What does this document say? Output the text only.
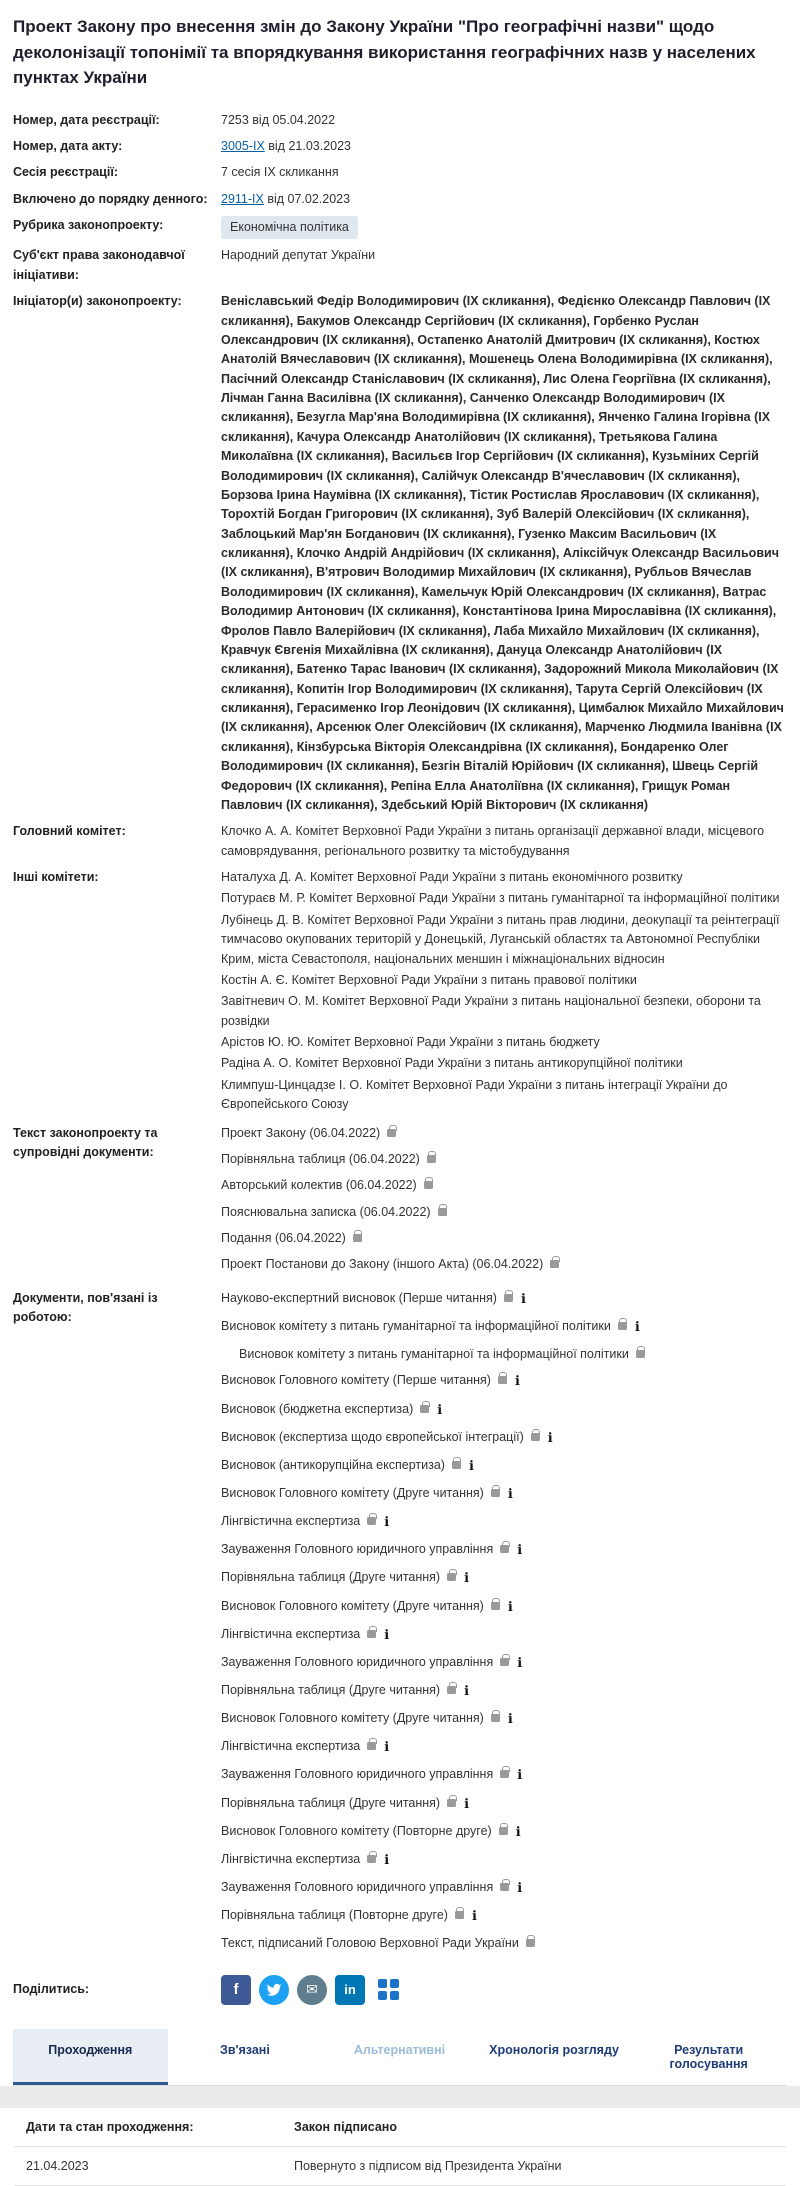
Проект Закону про внесення змін до Закону України "Про географічні назви" щодо деколонізації топонімії та впорядкування використання географічних назв у населених пунктах України
Номер, дата реєстрації:	7253 від 05.04.2022
Номер, дата акту:	3005-IX від 21.03.2023
Сесія реєстрації:	7 сесія IX скликання
Включено до порядку денного:	2911-IX від 07.02.2023
Рубрика законопроекту:	Економічна політика
Суб'єкт права законодавчої ініціативи:
Народний депутат України
Ініціатор(и) законопроекту:	Веніславський Федір Володимирович (ІХ скликання), Федієнко Олександр Павлович (ІХ скликання), Бакумов Олександр Сергійович (ІХ скликання), Горбенко Руслан Олександрович (ІХ скликання), Остапенко Анатолій Дмитрович (ІХ скликання), Костюх Анатолій Вячеславович (ІХ скликання), Мошенець Олена Володимирівна (ІХ скликання), Пасічний Олександр Станіславович (ІХ скликання), Лис Олена Георгіївна (ІХ скликання), Лічман Ганна Василівна (ІХ скликання), Санченко Олександр Володимирович (ІХ скликання), Безугла Мар'яна Володимирівна (ІХ скликання), Янченко Галина Ігорівна (ІХ скликання), Качура Олександр Анатолійович (ІХ скликання), Третьякова Галина Миколаївна (ІХ скликання), Васильєв Ігор Сергійович (ІХ скликання), Кузьміних Сергій Володимирович (ІХ скликання), Салійчук Олександр В'ячеславович (ІХ скликання), Борзова Ірина Наумівна (ІХ скликання), Тістик Ростислав Ярославович (ІХ скликання), Торохтій Богдан Григорович (ІХ скликання), Зуб Валерій Олексійович (ІХ скликання), Заблоцький Мар'ян Богданович (ІХ скликання), Гузенко Максим Васильович (ІХ скликання), Клочко Андрій Андрійович (ІХ скликання), Аліксійчук Олександр Васильович (ІХ скликання), В'ятрович Володимир Михайлович (ІХ скликання), Рубльов Вячеслав Володимирович (ІХ скликання), Камельчук Юрій Олександрович (ІХ скликання), Ватрас Володимир Антонович (ІХ скликання), Константінова Ірина Мирославівна (ІХ скликання), Фролов Павло Валерійович (ІХ скликання), Лаба Михайло Михайлович (ІХ скликання), Кравчук Євгенія Михайлівна (ІХ скликання), Дануца Олександр Анатолійович (ІХ скликання), Батенко Тарас Іванович (ІХ скликання), Задорожний Микола Миколайович (ІХ скликання), Копитін Ігор Володимирович (ІХ скликання), Тарута Сергій Олексійович (ІХ скликання), Герасименко Ігор Леонідович (ІХ скликання), Цимбалюк Михайло Михайлович (ІХ скликання), Арсенюк Олег Олексійович (ІХ скликання), Марченко Людмила Іванівна (ІХ скликання), Кінзбурська Вікторія Олександрівна (ІХ скликання), Бондаренко Олег Володимирович (ІХ скликання), Безгін Віталій Юрійович (ІХ скликання), Швець Сергій Федорович (ІХ скликання), Репіна Елла Анатоліївна (ІХ скликання), Грищук Роман Павлович (ІХ скликання), Здебський Юрій Вікторович (ІХ скликання)
Головний комітет:	Клочко А. А. Комітет Верховної Ради України з питань організації державної влади, місцевого самоврядування, регіонального розвитку та містобудування
Інші комітети:	Наталуха Д. А. Комітет Верховної Ради України з питань економічного розвитку
Потураєв М. Р. Комітет Верховної Ради України з питань гуманітарної та інформаційної політики
Лубінець Д. В. Комітет Верховної Ради України з питань прав людини, деокупації та реінтеграції тимчасово окупованих територій у Донецькій, Луганській областях та Автономної Республіки Крим, міста Севастополя, національних меншин і міжнаціональних відносин
Костін А. Є. Комітет Верховної Ради України з питань правової політики
Завітневич О. М. Комітет Верховної Ради України з питань національної безпеки, оборони та розвідки
Арістов Ю. Ю. Комітет Верховної Ради України з питань бюджету
Радіна А. О. Комітет Верховної Ради України з питань антикорупційної політики
Климпуш-Цинцадзе І. О. Комітет Верховної Ради України з питань інтеграції України до Європейського Союзу
Текст законопроекту та супровідні документи:
Проект Закону (06.04.2022)
Порівняльна таблиця (06.04.2022)
Авторський колектив (06.04.2022)
Пояснювальна записка (06.04.2022)
Подання (06.04.2022)
Проект Постанови до Закону (іншого Акта) (06.04.2022)
Документи, пов'язані із роботою:
Науково-експертний висновок (Перше читання)ℹ
Висновок комітету з питань гуманітарної та інформаційної політикиℹ
Висновок комітету з питань гуманітарної та інформаційної політики
Висновок Головного комітету (Перше читання)ℹ
Висновок (бюджетна експертиза)ℹ
Висновок (експертиза щодо європейської інтеграції)ℹ
Висновок (антикорупційна експертиза)ℹ
Висновок Головного комітету (Друге читання)ℹ
Лінгвістична експертизаℹ
Зауваження Головного юридичного управлінняℹ
Порівняльна таблиця (Друге читання)ℹ
Висновок Головного комітету (Друге читання)ℹ
Лінгвістична експертизаℹ
Зауваження Головного юридичного управлінняℹ
Порівняльна таблиця (Друге читання)ℹ
Висновок Головного комітету (Друге читання)ℹ
Лінгвістична експертизаℹ
Зауваження Головного юридичного управлінняℹ
Порівняльна таблиця (Друге читання)ℹ
Висновок Головного комітету (Повторне друге)ℹ
Лінгвістична експертизаℹ
Зауваження Головного юридичного управлінняℹ
Порівняльна таблиця (Повторне друге)ℹ
Текст, підписаний Головою Верховної Ради України
Поділитись:	f	✉	in
Проходження	Зв'язані	Альтернативні	Хронологія розгляду	Результати голосування
Дати та стан проходження:	Закон підписано
21.04.2023	Повернуто з підписом від Президента України
